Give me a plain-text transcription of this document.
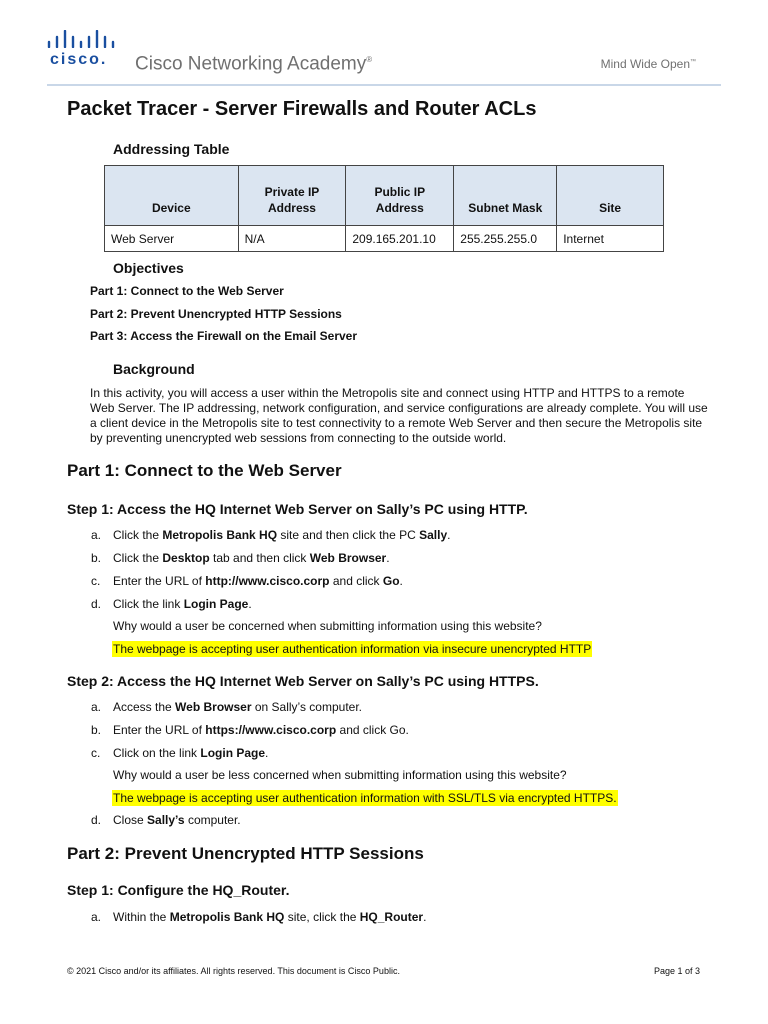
cisco. Cisco Networking Academy®	Mind Wide Open™
Packet Tracer - Server Firewalls and Router ACLs
Addressing Table
Device	Private IP Address	Public IP Address	Subnet Mask	Site
Web Server	N/A	209.165.201.10	255.255.255.0	Internet
Objectives
Part 1: Connect to the Web Server
Part 2: Prevent Unencrypted HTTP Sessions
Part 3: Access the Firewall on the Email Server
Background

In this activity, you will access a user within the Metropolis site and connect using HTTP and HTTPS to a remote Web Server. The IP addressing, network configuration, and service configurations are already complete. You will use a client device in the Metropolis site to test connectivity to a remote Web Server and then secure the Metropolis site by preventing unencrypted web sessions from connecting to the outside world.

Part 1: Connect to the Web Server
Step 1: Access the HQ Internet Web Server on Sally’s PC using HTTP.
a. Click the Metropolis Bank HQ site and then click the PC Sally.
b. Click the Desktop tab and then click Web Browser.
c. Enter the URL of http://www.cisco.corp and click Go.
d. Click the link Login Page.
Why would a user be concerned when submitting information using this website?
The webpage is accepting user authentication information via insecure unencrypted HTTP
Step 2: Access the HQ Internet Web Server on Sally’s PC using HTTPS.
a. Access the Web Browser on Sally’s computer.
b. Enter the URL of https://www.cisco.corp and click Go.
c. Click on the link Login Page.
Why would a user be less concerned when submitting information using this website?
The webpage is accepting user authentication information with SSL/TLS via encrypted HTTPS.
d. Close Sally’s computer.
Part 2: Prevent Unencrypted HTTP Sessions
Step 1: Configure the HQ_Router.
a. Within the Metropolis Bank HQ site, click the HQ_Router.
© 2021 Cisco and/or its affiliates. All rights reserved. This document is Cisco Public.	Page 1 of 3
